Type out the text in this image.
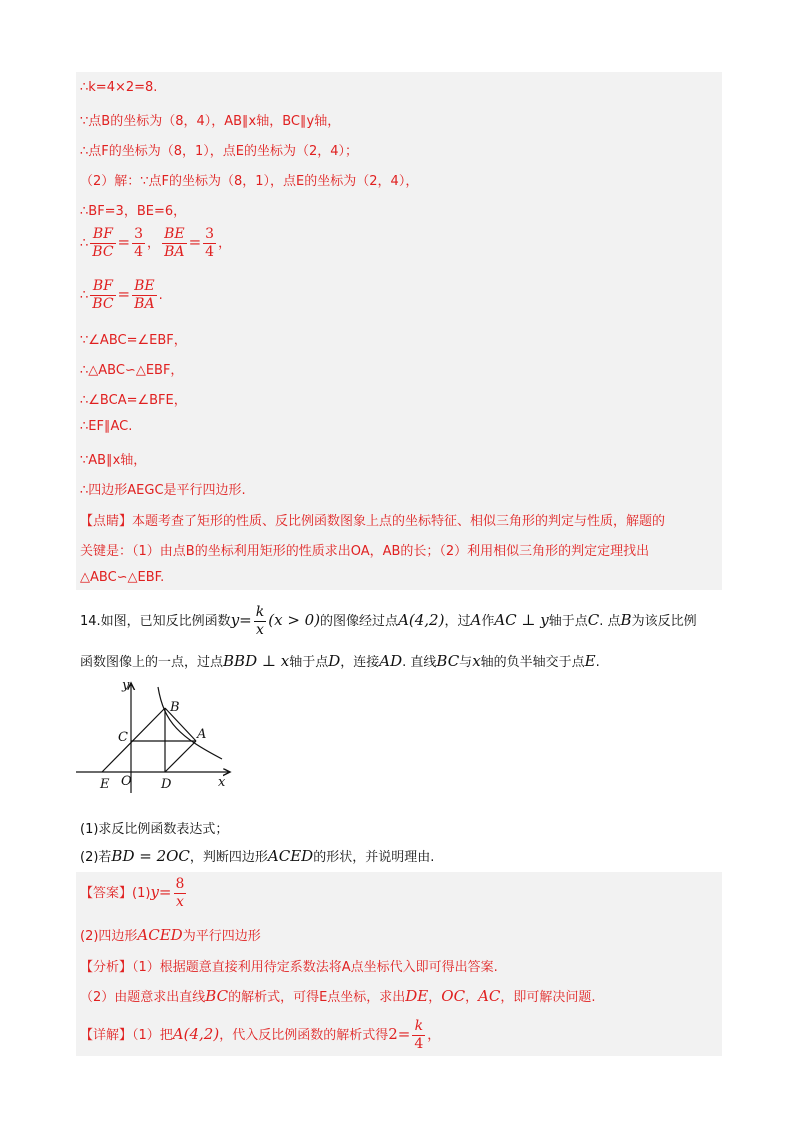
∴k=4×2=8.
∵点B的坐标为（8，4），AB∥x轴，BC∥y轴，
∴点F的坐标为（8，1），点E的坐标为（2，4）；
（2）解：∵点F的坐标为（8，1），点E的坐标为（2，4），
∴BF=3，BE=6，
∴ $\frac{BF}{BC} = \frac{3}{4}$ ， $\frac{BE}{BA} = \frac{3}{4}$ ，
∴ $\frac{BF}{BC} = \frac{BE}{BA}$ .
∵∠ABC=∠EBF，
∴△ABC∽△EBF，
∴∠BCA=∠BFE，
∴EF∥AC.
∵AB∥x轴，
∴四边形AEGC是平行四边形.
【点睛】本题考查了矩形的性质、反比例函数图象上点的坐标特征、相似三角形的判定与性质，解题的
关键是：（1）由点B的坐标利用矩形的性质求出OA，AB的长；（2）利用相似三角形的判定定理找出
△ABC∽△EBF.
14.如图，已知反比例函数$y= \frac{k}{x} (x > 0)$的图像经过点A(4,2)，过A作AC ⊥ y轴于点C. 点B为该反比例
函数图像上的一点，过点BBD ⊥ x轴于点D，连接AD. 直线BC与x轴的负半轴交于点E.
y
x
B
C	A
O
E	D
(1)求反比例函数表达式；
(2)若BD = 2OC，判断四边形ACED的形状，并说明理由.
【答案】$(1)y= \frac{8}{x}$
(2)四边形ACED为平行四边形
【分析】（1）根据题意直接利用待定系数法将A点坐标代入即可得出答案.
（2）由题意求出直线BC的解析式，可得E点坐标，求出DE，OC，AC，即可解决问题.
【详解】（1）把A(4,2)，代入反比例函数的解析式得$2= \frac{k}{4}$ ，
